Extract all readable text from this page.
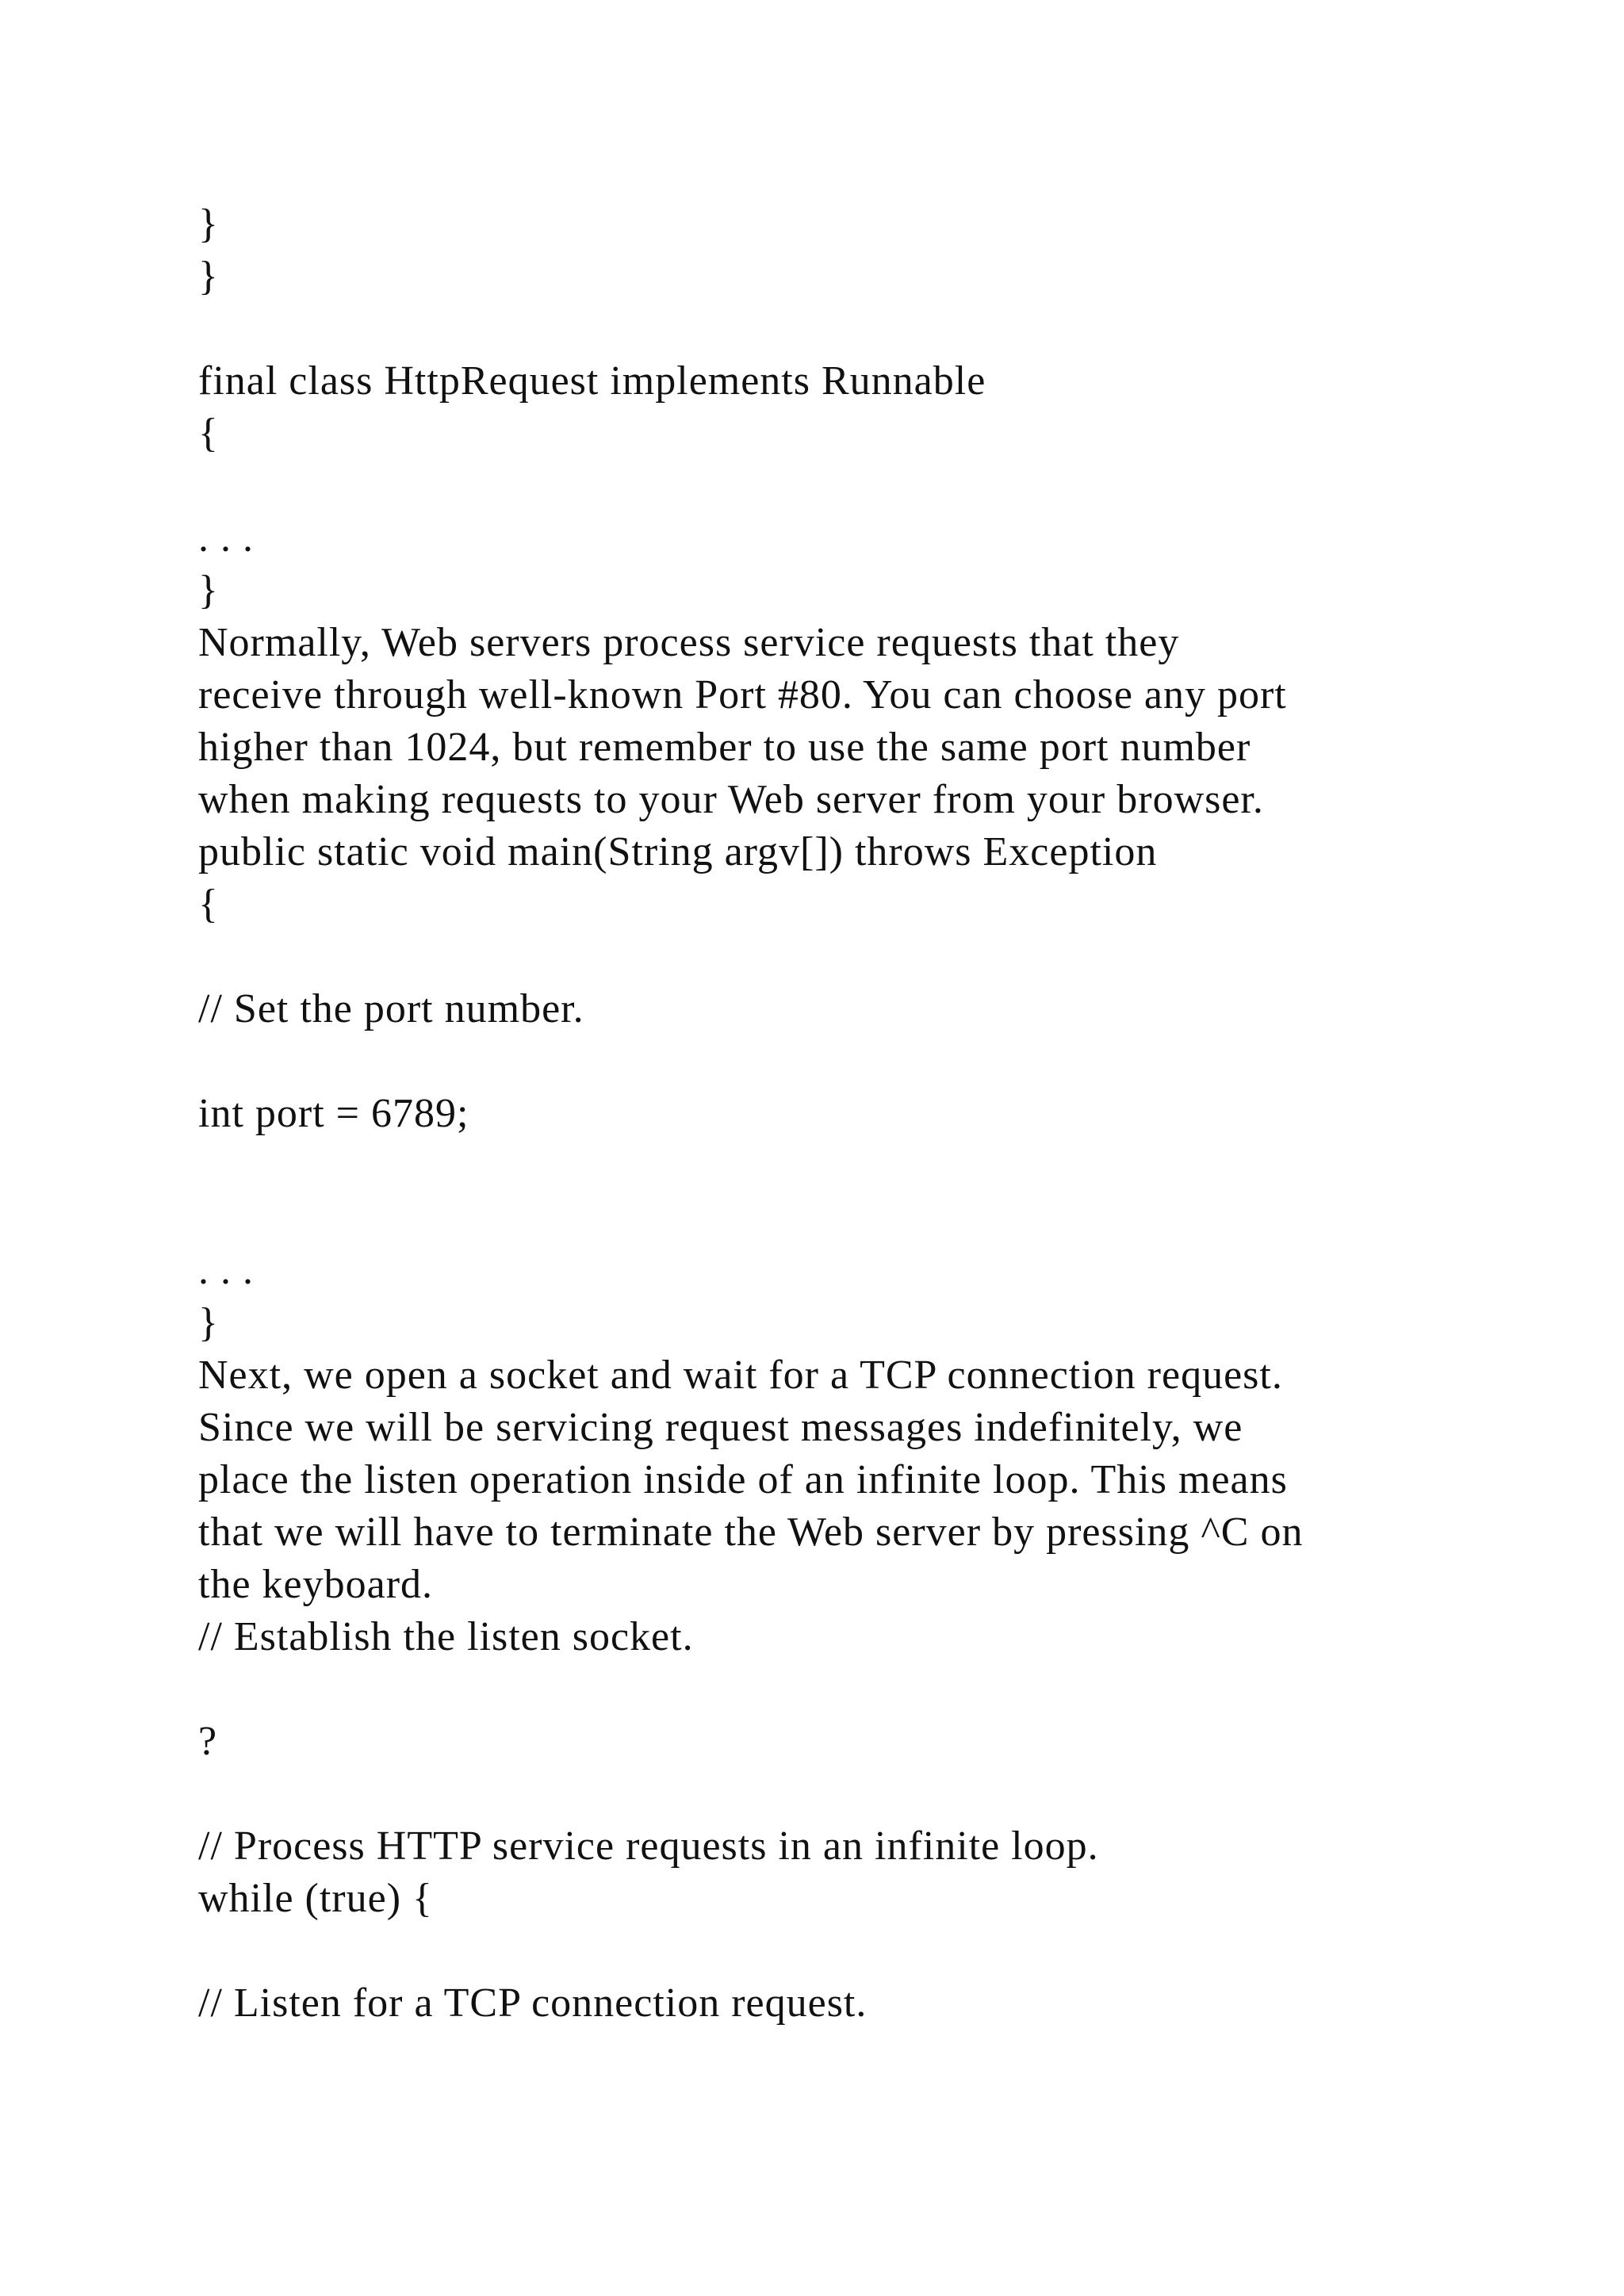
}
}
final class HttpRequest implements Runnable
{
. . .
}
Normally, Web servers process service requests that they
receive through well-known Port #80. You can choose any port
higher than 1024, but remember to use the same port number
when making requests to your Web server from your browser.
public static void main(String argv[]) throws Exception
{
// Set the port number.
int port = 6789;
. . .
}
Next, we open a socket and wait for a TCP connection request.
Since we will be servicing request messages indefinitely, we
place the listen operation inside of an infinite loop. This means
that we will have to terminate the Web server by pressing ^C on
the keyboard.
// Establish the listen socket.
?
// Process HTTP service requests in an infinite loop.
while (true) {
// Listen for a TCP connection request.
